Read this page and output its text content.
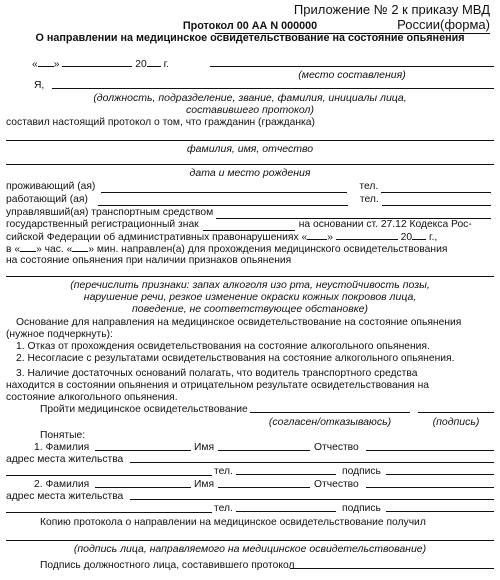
Приложение № 2 к приказу МВД России(форма)
Протокол 00 АА N 000000
О направлении на медицинское освидетельствование на состояние опьянения
« »	20 г.
(место составления)
Я,
(должность, подразделение, звание, фамилия, инициалы лица,
составившего протокол)
составил настоящий протокол о том, что гражданин (гражданка)
фамилия, имя, отчество
дата и место рождения
проживающий (ая)	тел.
работающий (ая)	тел.
управлявший(ая) транспортным средством
государственный регистрационный знак	на основании ст. 27.12 Кодекса Рос-
сийской Федерации об административных правонарушениях « »	20 г.,
в « » час. « » мин. направлен(а) для прохождения медицинского освидетельствования
на состояние опьянения при наличии признаков опьянения
(перечислить признаки: запах алкоголя изо рта, неустойчивость позы,
нарушение речи, резкое изменение окраски кожных покровов лица,
поведение, не соответствующее обстановке)
Основание для направления на медицинское освидетельствование на состояние опьянения
(нужное подчеркнуть):
1. Отказ от прохождения освидетельствования на состояние алкогольного опьянения.
2. Несогласие с результатами освидетельствования на состояние алкогольного опьянения.
3. Наличие достаточных оснований полагать, что водитель транспортного средства
находится в состоянии опьянения и отрицательном результате освидетельствования на
состояние алкогольного опьянения.
Пройти медицинское освидетельствование
(согласен/отказываюсь)	(подпись)
Понятые:
1. Фамилия	Имя	Отчество
адрес места жительства
тел.	подпись
2. Фамилия	Имя	Отчество
адрес места жительства
тел.	подпись
Копию протокола о направлении на медицинское освидетельствование получил
(подпись лица, направляемого на медицинское освидетельствование)
Подпись должностного лица, составившего протокол
